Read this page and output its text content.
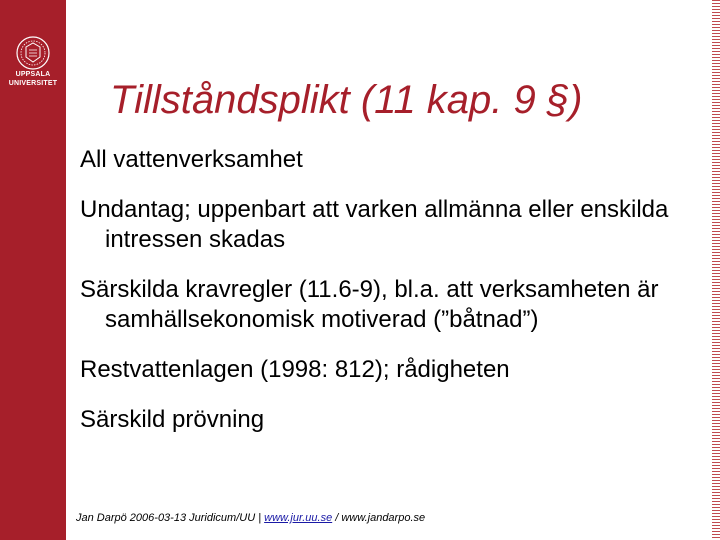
UPPSALA
UNIVERSITET Tillståndsplikt (11 kap. 9 §)
All vattenverksamhet
Undantag; uppenbart att varken allmänna eller enskilda intressen skadas
Särskilda kravregler (11.6-9), bl.a. att verksamheten är samhällsekonomisk motiverad (”båtnad”)
Restvattenlagen (1998: 812); rådigheten
Särskild prövning
Jan Darpö 2006-03-13 Juridicum/UU | www.jur.uu.se / www.jandarpo.se
